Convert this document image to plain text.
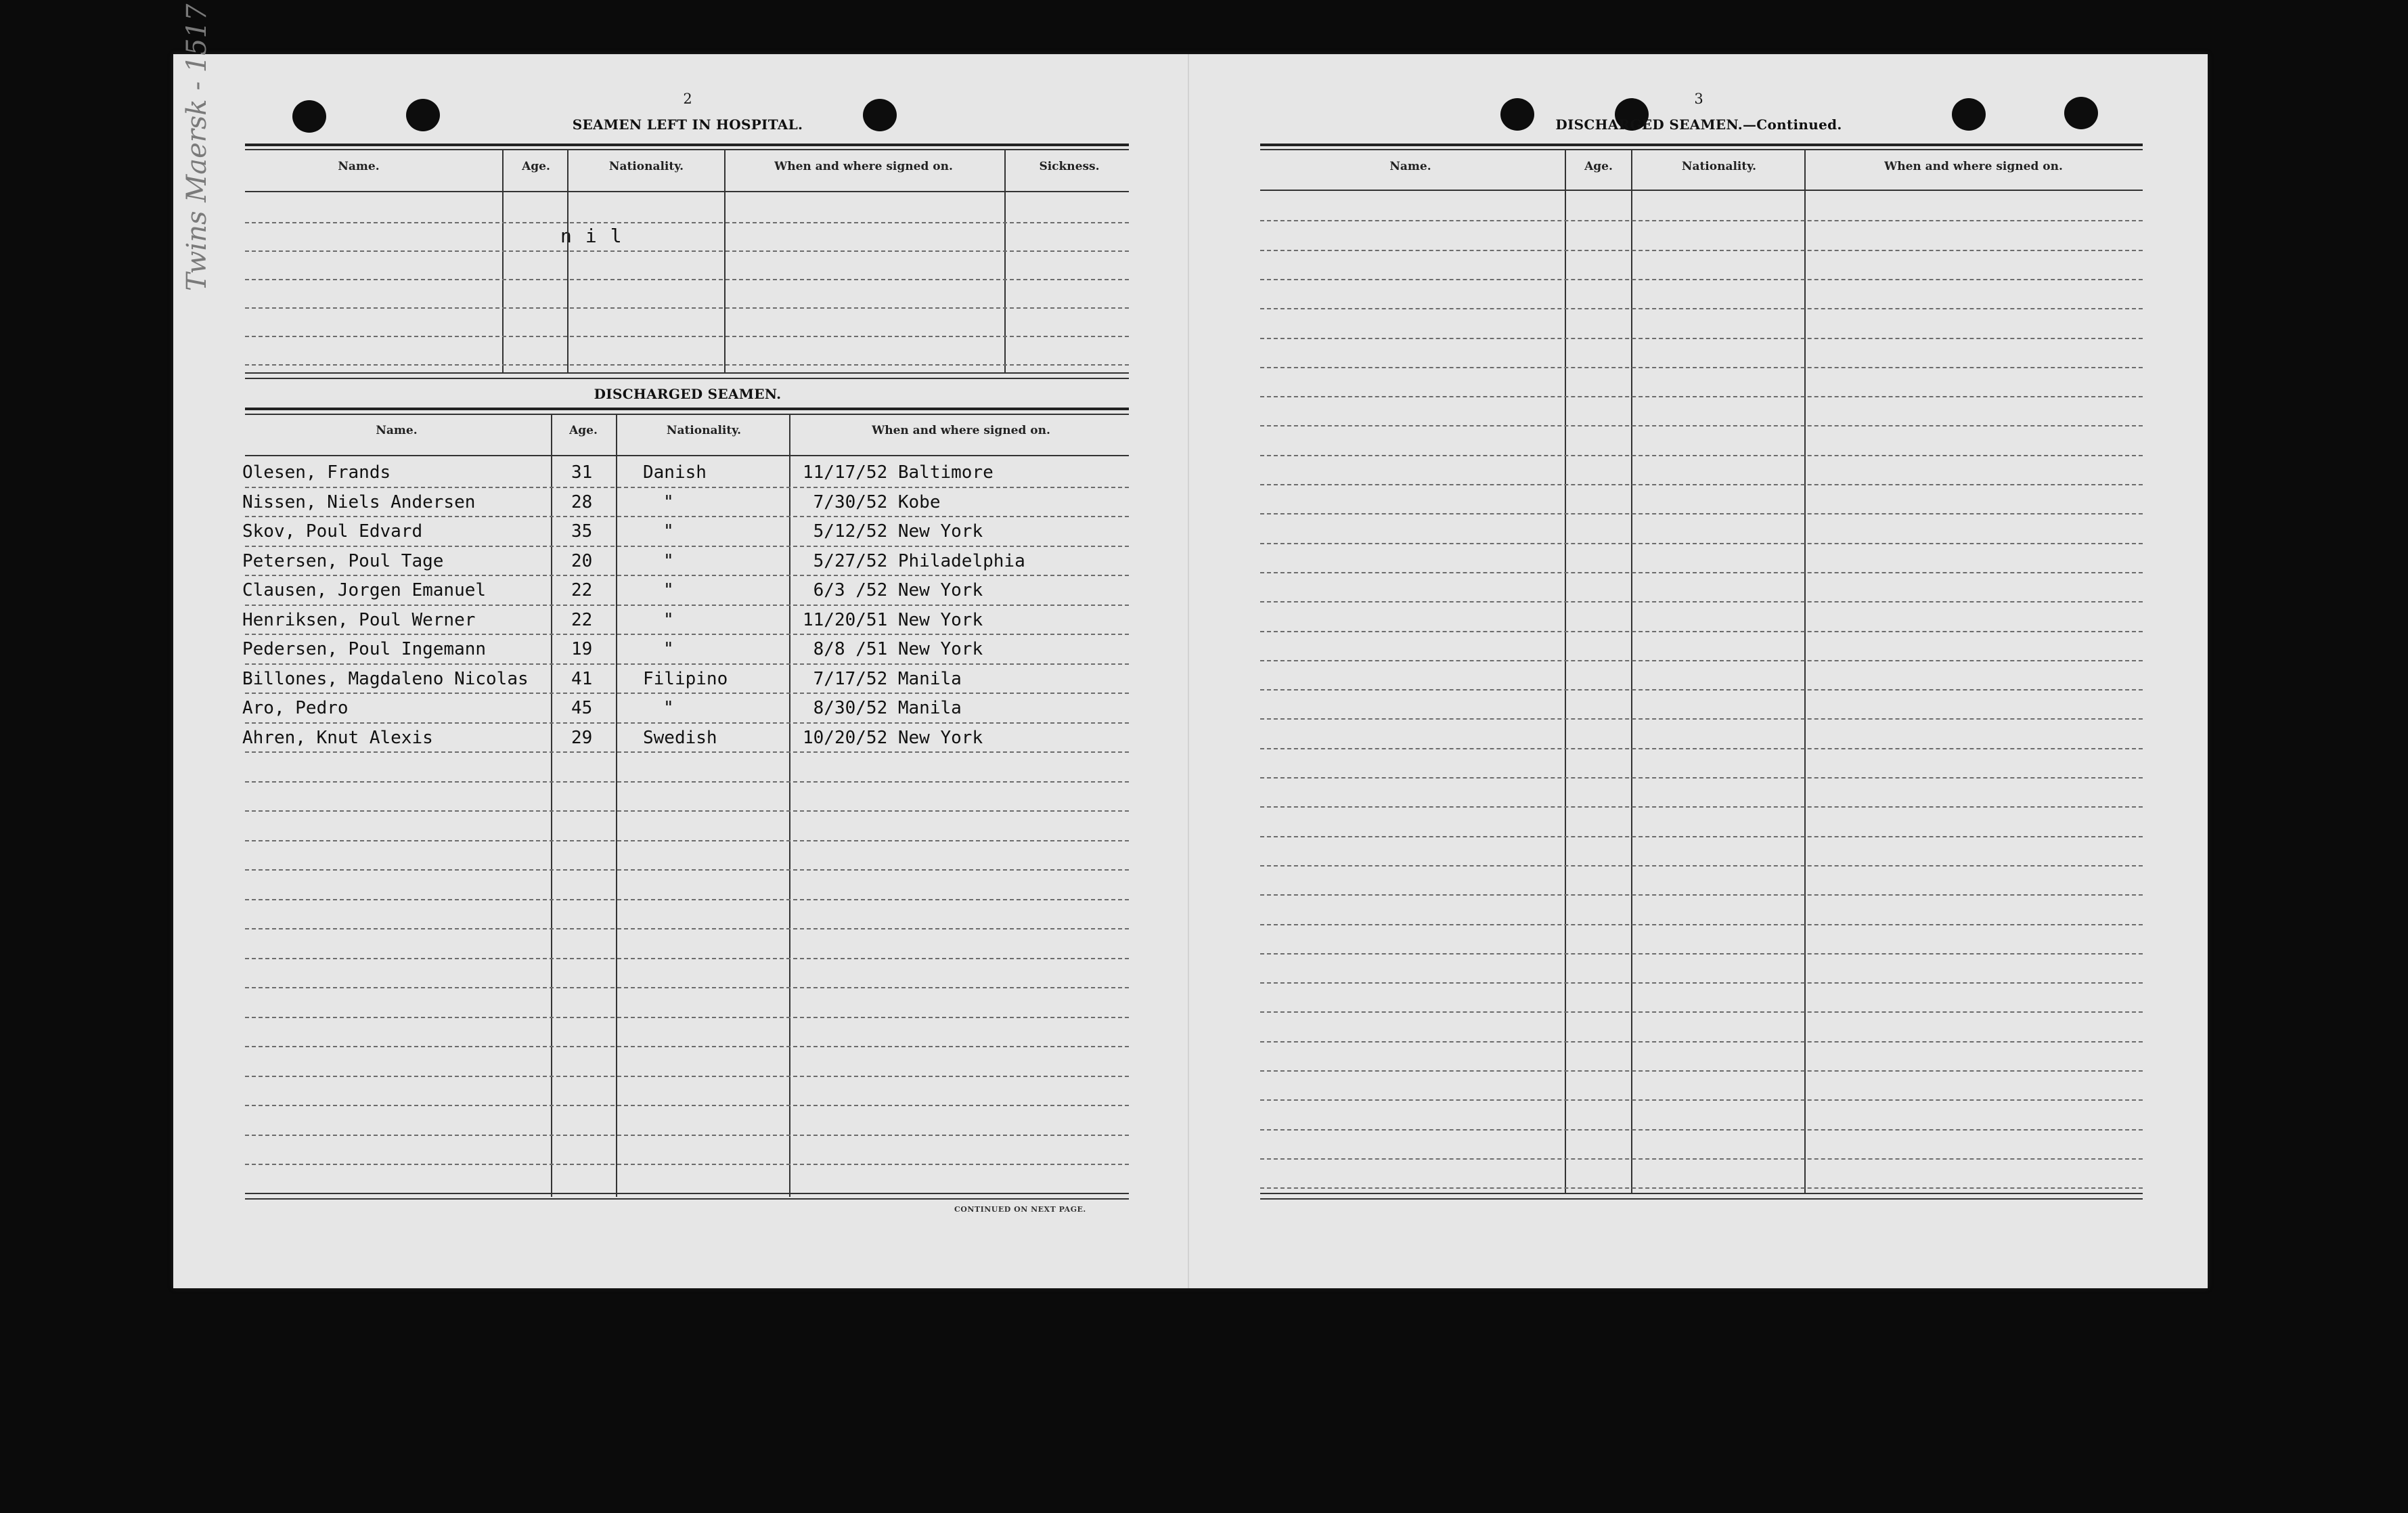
Twins Maersk - 1517	2
SEAMEN LEFT IN HOSPITAL.
Name.	Age.	Nationality.	When and where signed on.	Sickness.
nil
DISCHARGED SEAMEN.
Name.	Age.	Nationality.	When and where signed on.
Olesen, Frands	31	Danish	11/17/52 Baltimore
Nissen, Niels Andersen	28	"	7/30/52 Kobe
Skov, Poul Edvard	35	"	5/12/52 New York
Petersen, Poul Tage	20	"	5/27/52 Philadelphia
Clausen, Jorgen Emanuel	22	"	6/3 /52 New York
Henriksen, Poul Werner	22	"	11/20/51 New York
Pedersen, Poul Ingemann	19	"	8/8 /51 New York
Billones, Magdaleno Nicolas 41	Filipino	7/17/52 Manila
Aro, Pedro	45	"	8/30/52 Manila
Ahren, Knut Alexis	29	Swedish	10/20/52 New York
CONTINUED ON NEXT PAGE.
3
DISCHARGED SEAMEN.—Continued.
Name.	Age.	Nationality.	When and where signed on.
